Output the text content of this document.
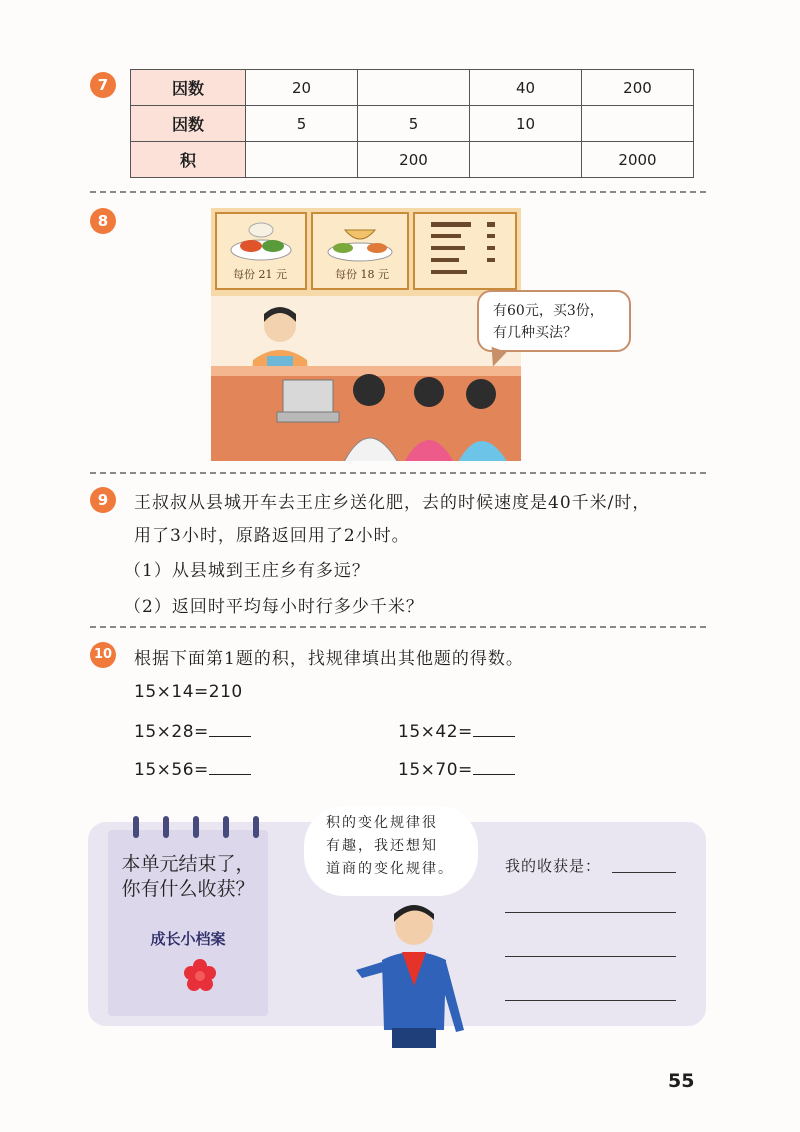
7	因数	20		40	200
因数	5	5	10	
积		200		2000
8
每份 21 元	每份 18 元
有60元，买3份，
有几种买法？
9	王叔叔从县城开车去王庄乡送化肥，去的时候速度是40千米/时，
用了3小时，原路返回用了2小时。
（1）从县城到王庄乡有多远？
（2）返回时平均每小时行多少千米？
10 根据下面第1题的积，找规律填出其他题的得数。
15×14=210
15×28=	15×42=
15×56=	15×70=
本单元结束了，
你有什么收获？
成长小档案
积的变化规律很
有趣，我还想知
道商的变化规律。	我的收获是：
55
